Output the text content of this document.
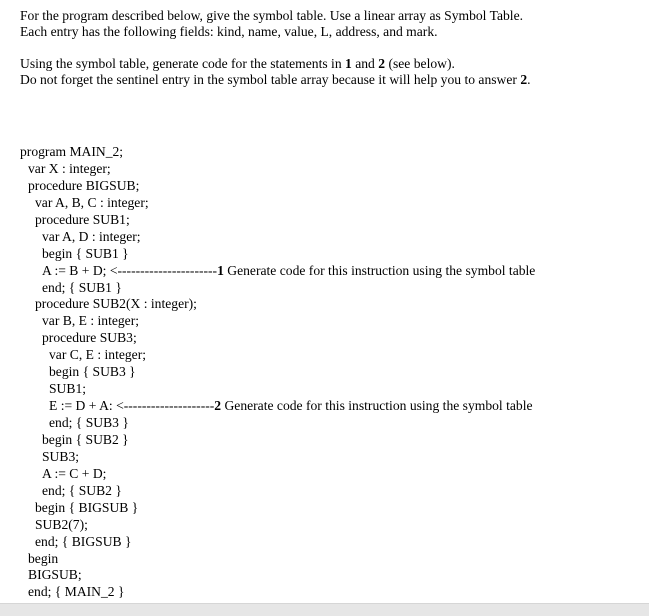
For the program described below, give the symbol table. Use a linear array as Symbol Table.

Each entry has the following fields: kind, name, value, L, address, and mark.

Using the symbol table, generate code for the statements in 1 and 2 (see below).

Do not forget the sentinel entry in the symbol table array because it will help you to answer 2.

program MAIN_2;
var X : integer;
procedure BIGSUB;
var A, B, C : integer;
procedure SUB1;
var A, D : integer;
begin { SUB1 }
A := B + D; <----------------------1 Generate code for this instruction using the symbol table
end; { SUB1 }
procedure SUB2(X : integer);
var B, E : integer;
procedure SUB3;
var C, E : integer;
begin { SUB3 }
SUB1;
E := D + A: <--------------------2 Generate code for this instruction using the symbol table
end; { SUB3 }
begin { SUB2 }
SUB3;
A := C + D;
end; { SUB2 }
begin { BIGSUB }
SUB2(7);
end; { BIGSUB }
begin
BIGSUB;
end; { MAIN_2 }
